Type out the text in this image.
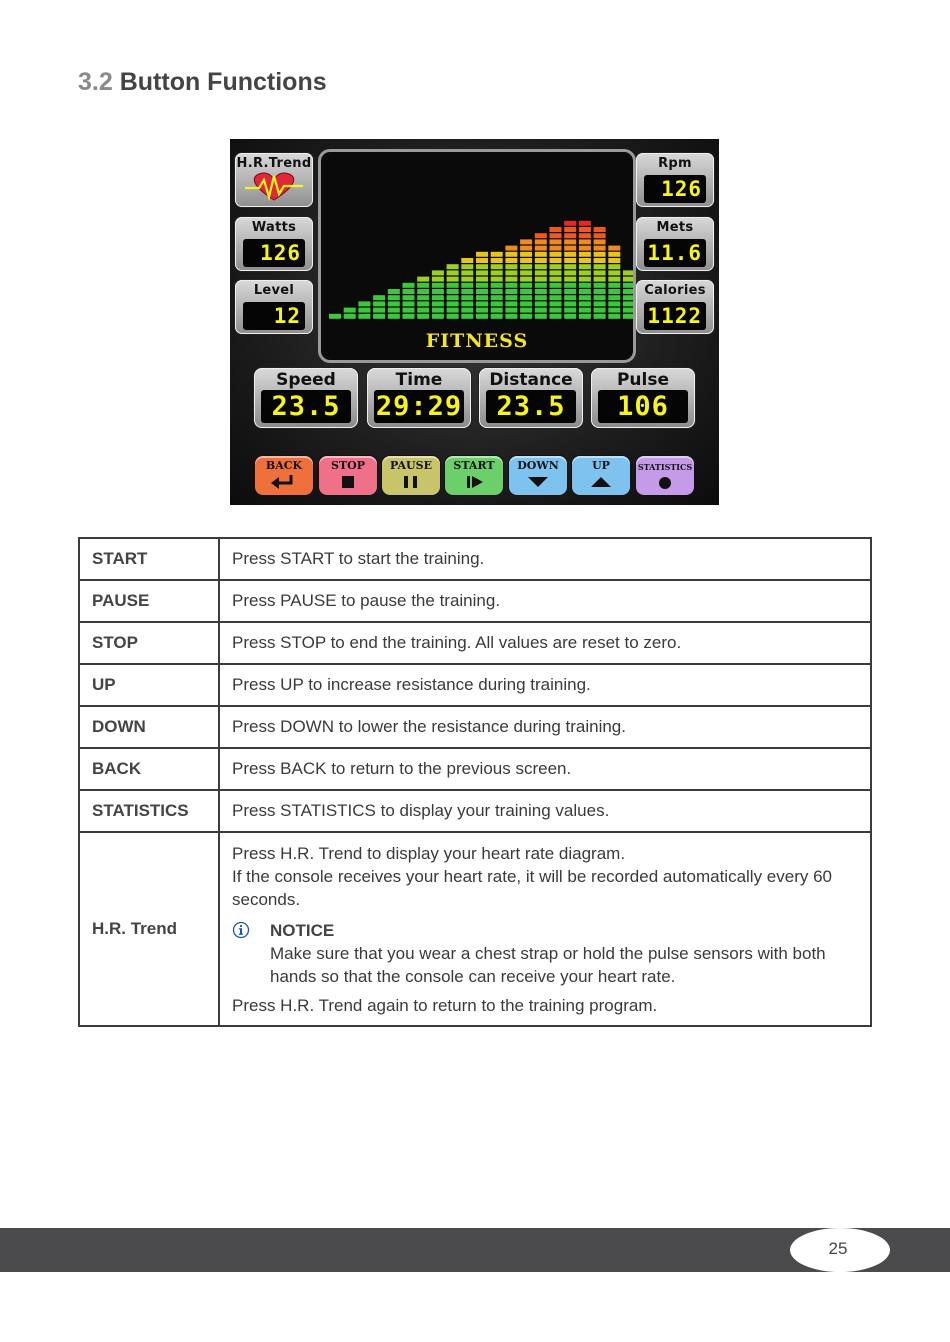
3.2 Button Functions
H.R.Trend
Watts
126
Level
12
Rpm
126
Mets
11.6
Calories
1122
FITNESS
Speed
23.5
Time
29:29
Distance
23.5
Pulse
106
BACK	STOP	PAUSE	START	DOWN	UP	STATISTICS
START	Press START to start the training.
PAUSE	Press PAUSE to pause the training.
STOP	Press STOP to end the training. All values are reset to zero.
UP	Press UP to increase resistance during training.
DOWN	Press DOWN to lower the resistance during training.
BACK	Press BACK to return to the previous screen.
STATISTICS	Press STATISTICS to display your training values.
H.R. Trend	Press H.R. Trend to display your heart rate diagram.
If the console receives your heart rate, it will be recorded automatically every 60 seconds.
NOTICE
Make sure that you wear a chest strap or hold the pulse sensors with both hands so that the console can receive your heart rate.
Press H.R. Trend again to return to the training program.
25
